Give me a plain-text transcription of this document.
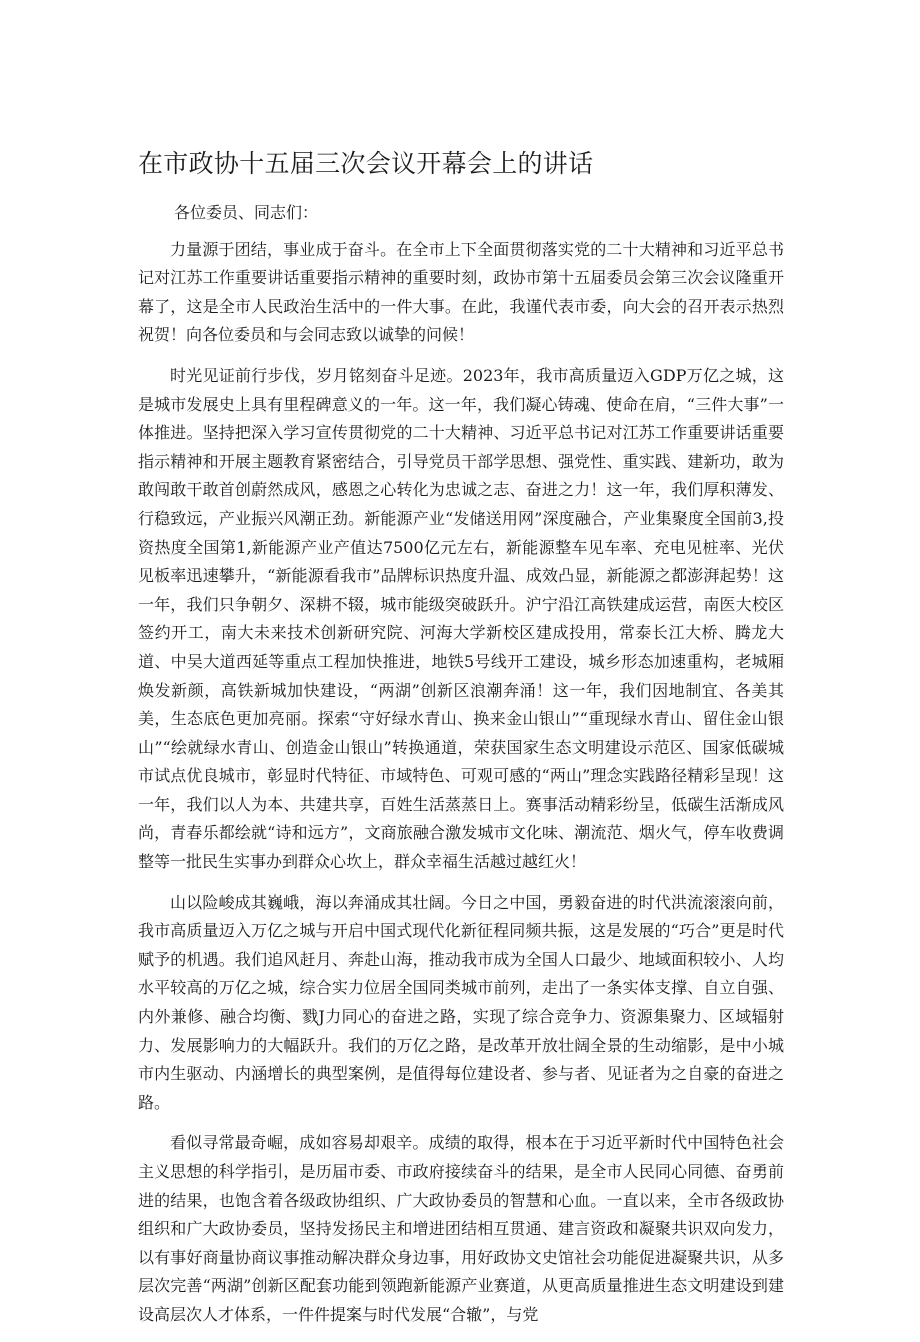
在市政协十五届三次会议开幕会上的讲话

各位委员、同志们：

力量源于团结，事业成于奋斗。在全市上下全面贯彻落实党的二十大精神和习近平总书记对江苏工作重要讲话重要指示精神的重要时刻，政协市第十五届委员会第三次会议隆重开幕了，这是全市人民政治生活中的一件大事。在此，我谨代表市委，向大会的召开表示热烈祝贺！向各位委员和与会同志致以诚挚的问候！

时光见证前行步伐，岁月铭刻奋斗足迹。2023年，我市高质量迈入GDP万亿之城，这是城市发展史上具有里程碑意义的一年。这一年，我们凝心铸魂、使命在肩，“三件大事”一体推进。坚持把深入学习宣传贯彻党的二十大精神、习近平总书记对江苏工作重要讲话重要指示精神和开展主题教育紧密结合，引导党员干部学思想、强党性、重实践、建新功，敢为敢闯敢干敢首创蔚然成风，感恩之心转化为忠诚之志、奋进之力！这一年，我们厚积薄发、行稳致远，产业振兴风潮正劲。新能源产业“发储送用网”深度融合，产业集聚度全国前3,投资热度全国第1,新能源产业产值达7500亿元左右，新能源整车见车率、充电见桩率、光伏见板率迅速攀升，“新能源看我市”品牌标识热度升温、成效凸显，新能源之都澎湃起势！这一年，我们只争朝夕、深耕不辍，城市能级突破跃升。沪宁沿江高铁建成运营，南医大校区签约开工，南大未来技术创新研究院、河海大学新校区建成投用，常泰长江大桥、腾龙大道、中吴大道西延等重点工程加快推进，地铁5号线开工建设，城乡形态加速重构，老城厢焕发新颜，高铁新城加快建设，“两湖”创新区浪潮奔涌！这一年，我们因地制宜、各美其美，生态底色更加亮丽。探索“守好绿水青山、换来金山银山”“重现绿水青山、留住金山银山”“绘就绿水青山、创造金山银山”转换通道，荣获国家生态文明建设示范区、国家低碳城市试点优良城市，彰显时代特征、市域特色、可观可感的“两山”理念实践路径精彩呈现！这一年，我们以人为本、共建共享，百姓生活蒸蒸日上。赛事活动精彩纷呈，低碳生活渐成风尚，青春乐都绘就“诗和远方”，文商旅融合激发城市文化味、潮流范、烟火气，停车收费调整等一批民生实事办到群众心坎上，群众幸福生活越过越红火！

山以险峻成其巍峨，海以奔涌成其壮阔。今日之中国，勇毅奋进的时代洪流滚滚向前，我市高质量迈入万亿之城与开启中国式现代化新征程同频共振，这是发展的“巧合”更是时代赋予的机遇。我们追风赶月、奔赴山海，推动我市成为全国人口最少、地域面积较小、人均水平较高的万亿之城，综合实力位居全国同类城市前列，走出了一条实体支撑、自立自强、内外兼修、融合均衡、戮J力同心的奋进之路，实现了综合竞争力、资源集聚力、区域辐射力、发展影响力的大幅跃升。我们的万亿之路，是改革开放壮阔全景的生动缩影，是中小城市内生驱动、内涵增长的典型案例，是值得每位建设者、参与者、见证者为之自豪的奋进之路。

看似寻常最奇崛，成如容易却艰辛。成绩的取得，根本在于习近平新时代中国特色社会主义思想的科学指引，是历届市委、市政府接续奋斗的结果，是全市人民同心同德、奋勇前进的结果，也饱含着各级政协组织、广大政协委员的智慧和心血。一直以来，全市各级政协组织和广大政协委员，坚持发扬民主和增进团结相互贯通、建言资政和凝聚共识双向发力，以有事好商量协商议事推动解决群众身边事，用好政协文史馆社会功能促进凝聚共识，从多层次完善“两湖”创新区配套功能到领跑新能源产业赛道，从更高质量推进生态文明建设到建设高层次人才体系，一件件提案与时代发展“合辙”，与党
